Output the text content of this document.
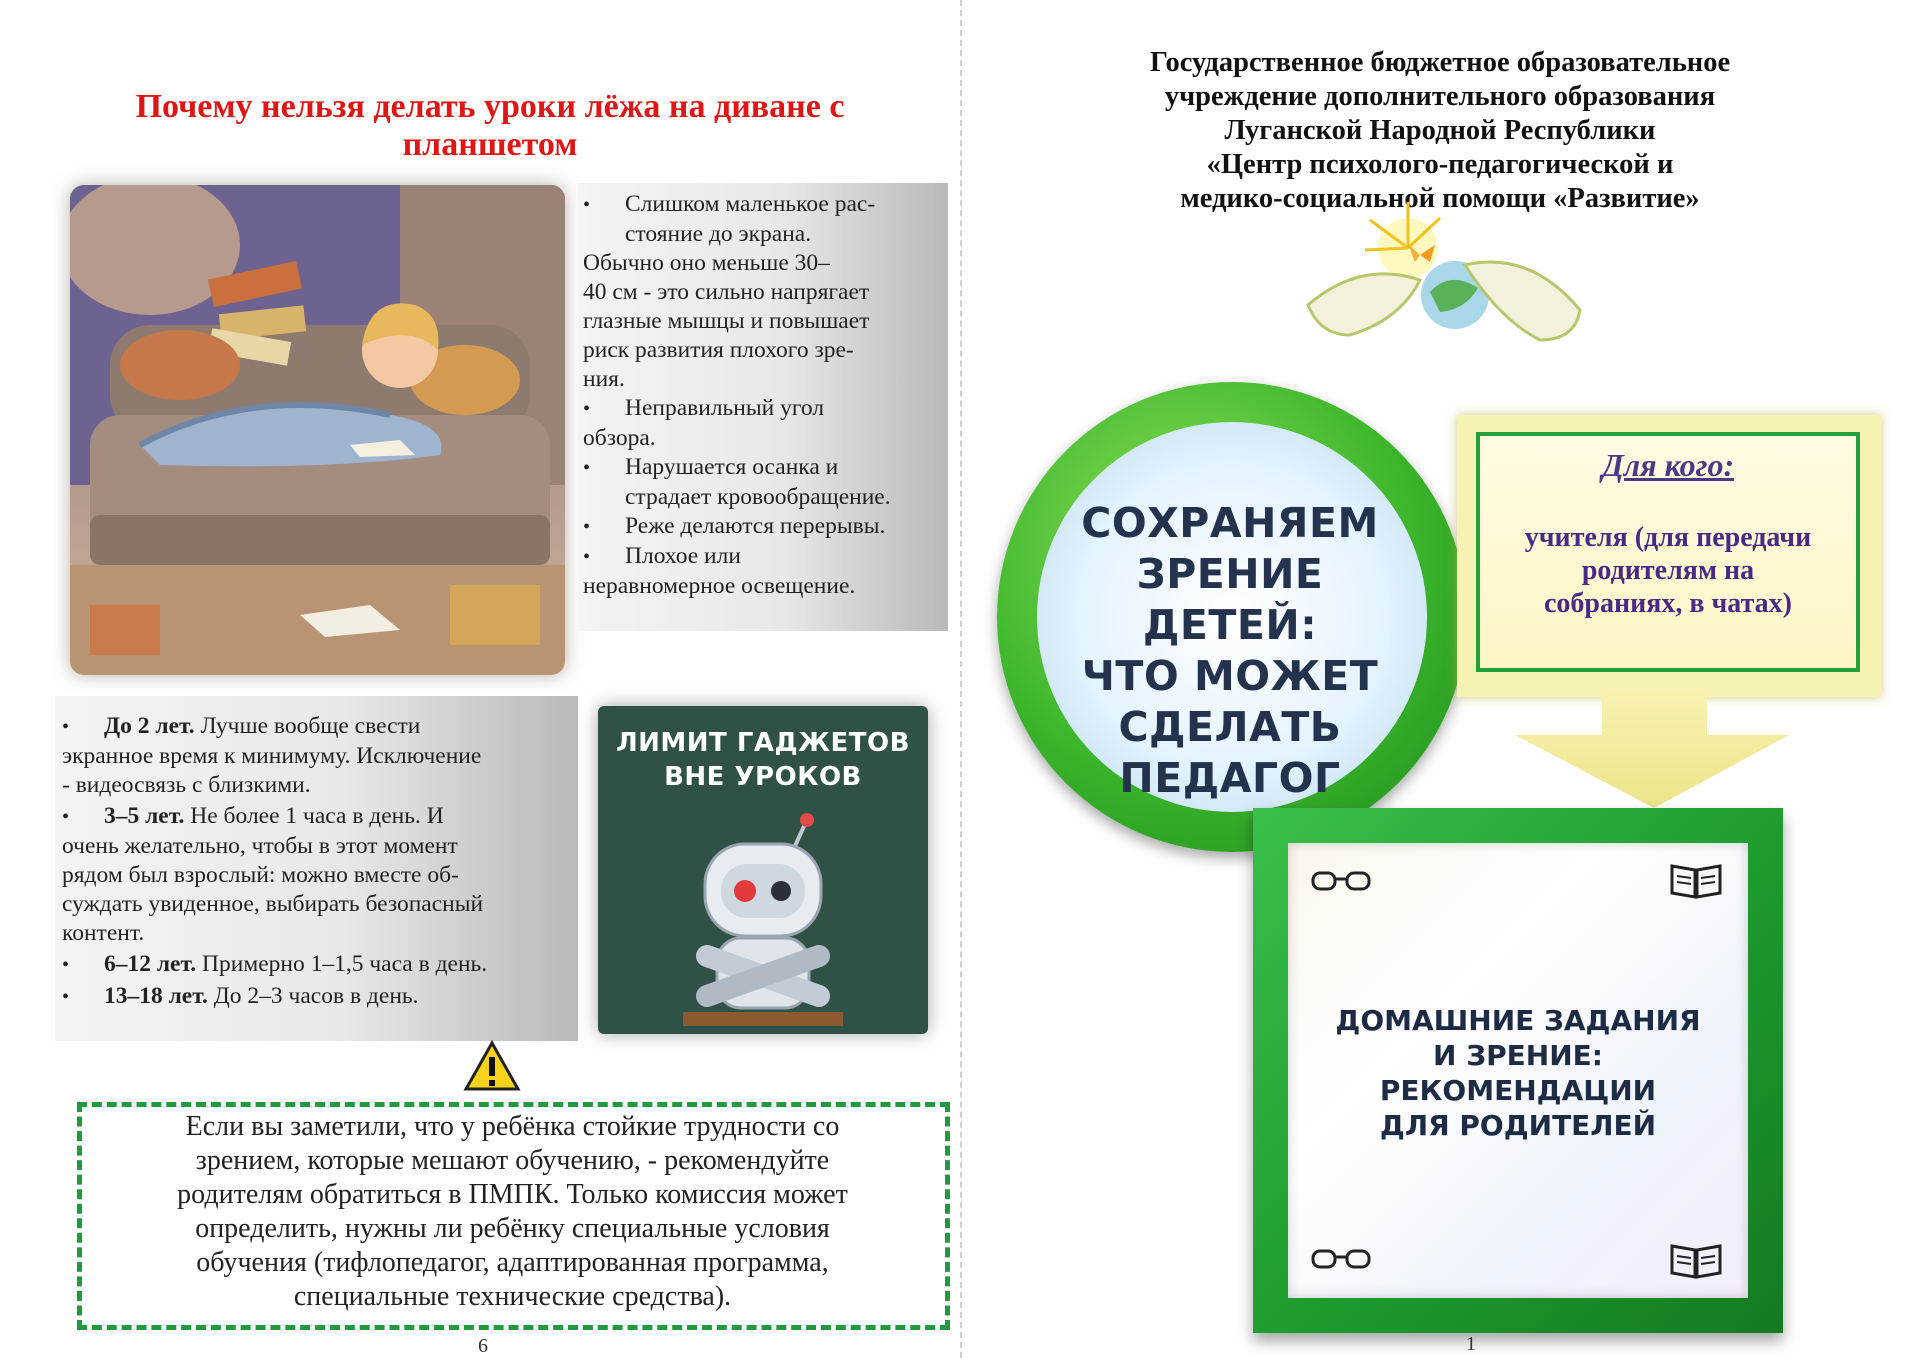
Почему нельзя делать уроки лёжа на диване с планшетом
• Слишком маленькое рас-
стояние до экрана.
Обычно оно меньше 30–
40 см - это сильно напрягает
глазные мышцы и повышает
риск развития плохого зре-
ния.
• Неправильный угол
обзора.
• Нарушается осанка и
страдает кровообращение.
• Реже делаются перерывы.
• Плохое или
неравномерное освещение.
• До 2 лет. Лучше вообще свести
экранное время к минимуму. Исключение
- видеосвязь с близкими.
• 3–5 лет. Не более 1 часа в день. И
очень желательно, чтобы в этот момент
рядом был взрослый: можно вместе об-
суждать увиденное, выбирать безопасный
контент.
• 6–12 лет. Примерно 1–1,5 часа в день.
• 13–18 лет. До 2–3 часов в день.
ЛИМИТ ГАДЖЕТОВ
ВНЕ УРОКОВ
Если вы заметили, что у ребёнка стойкие трудности со
зрением, которые мешают обучению, - рекомендуйте
родителям обратиться в ПМПК. Только комиссия может
определить, нужны ли ребёнку специальные условия
обучения (тифлопедагог, адаптированная программа,
специальные технические средства).
6
Государственное бюджетное образовательное
учреждение дополнительного образования
Луганской Народной Республики
«Центр психолого-педагогической и
медико-социальной помощи «Развитие»
СОХРАНЯЕМ
ЗРЕНИЕ ДЕТЕЙ:
ЧТО МОЖЕТ
СДЕЛАТЬ
ПЕДАГОГ
Для кого:
учителя (для передачи
родителям на
собраниях, в чатах)
ДОМАШНИЕ ЗАДАНИЯ
И ЗРЕНИЕ:
РЕКОМЕНДАЦИИ
ДЛЯ РОДИТЕЛЕЙ
1
